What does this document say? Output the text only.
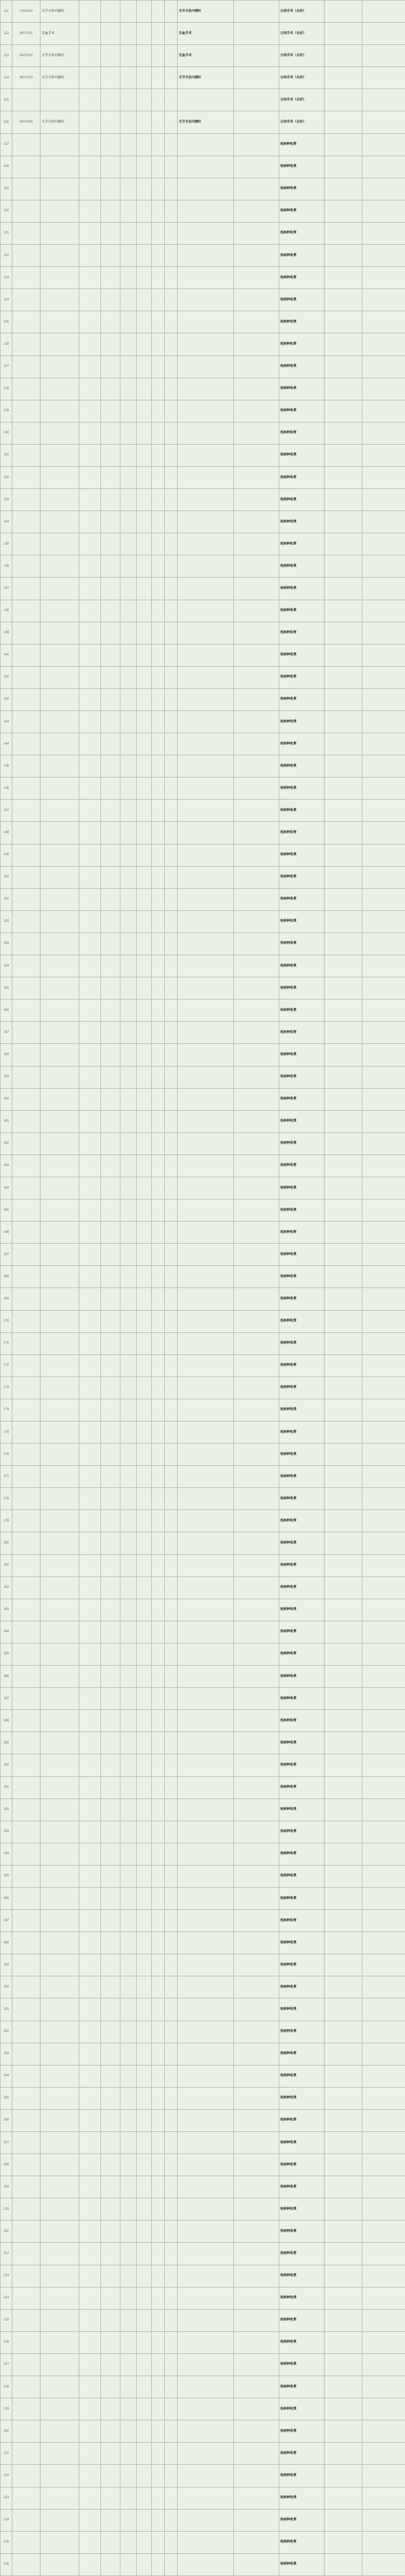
111	Y001010	关节关位内钢钉							关节关位内钢钉		日间手术（全价）		
112	B007001	无血手术							无血手术		日间手术（全价）		
113	B007002	关节关位内钢钉							无血手术		日间手术（全价）		
114	B007003	关节关位内钢钉							关节关位内钢钉		日间手术（全价）		
115											日间手术（全价）		
116	B007004	关节关位内钢钉							关节关位内钢钉		日间手术（全价）		
117											按病种收费		
118											按病种收费		
119											按病种收费		
120											按病种收费		
121											按病种收费		
122											按病种收费		
123											按病种收费		
124											按病种收费		
125											按病种收费		
126											按病种收费		
127											按病种收费		
128											按病种收费		
129											按病种收费		
130											按病种收费		
131											按病种收费		
132											按病种收费		
133											按病种收费		
134											按病种收费		
135											按病种收费		
136											按病种收费		
137											按病种收费		
138											按病种收费		
139											按病种收费		
140											按病种收费		
141											按病种收费		
142											按病种收费		
143											按病种收费		
144											按病种收费		
145											按病种收费		
146											按病种收费		
147											按病种收费		
148											按病种收费		
149											按病种收费		
150											按病种收费		
151											按病种收费		
152											按病种收费		
153											按病种收费		
154											按病种收费		
155											按病种收费		
156											按病种收费		
157											按病种收费		
158											按病种收费		
159											按病种收费		
160											按病种收费		
161											按病种收费		
162											按病种收费		
163											按病种收费		
164											按病种收费		
165											按病种收费		
166											按病种收费		
167											按病种收费		
168											按病种收费		
169											按病种收费		
170											按病种收费		
171											按病种收费		
172											按病种收费		
173											按病种收费		
174											按病种收费		
175											按病种收费		
176											按病种收费		
177											按病种收费		
178											按病种收费		
179											按病种收费		
180											按病种收费		
181											按病种收费		
182											按病种收费		
183											按病种收费		
184											按病种收费		
185											按病种收费		
186											按病种收费		
187											按病种收费		
188											按病种收费		
189											按病种收费		
190											按病种收费		
191											按病种收费		
192											按病种收费		
193											按病种收费		
194											按病种收费		
195											按病种收费		
196											按病种收费		
197											按病种收费		
198											按病种收费		
199											按病种收费		
200											按病种收费		
201											按病种收费		
202											按病种收费		
203											按病种收费		
204											按病种收费		
205											按病种收费		
206											按病种收费		
207											按病种收费		
208											按病种收费		
209											按病种收费		
210											按病种收费		
211											按病种收费		
212											按病种收费		
213											按病种收费		
214											按病种收费		
215											按病种收费		
216											按病种收费		
217											按病种收费		
218											按病种收费		
219											按病种收费		
220											按病种收费		
221											按病种收费		
222											按病种收费		
223											按病种收费		
224											按病种收费		
225											按病种收费		
226											按病种收费		
